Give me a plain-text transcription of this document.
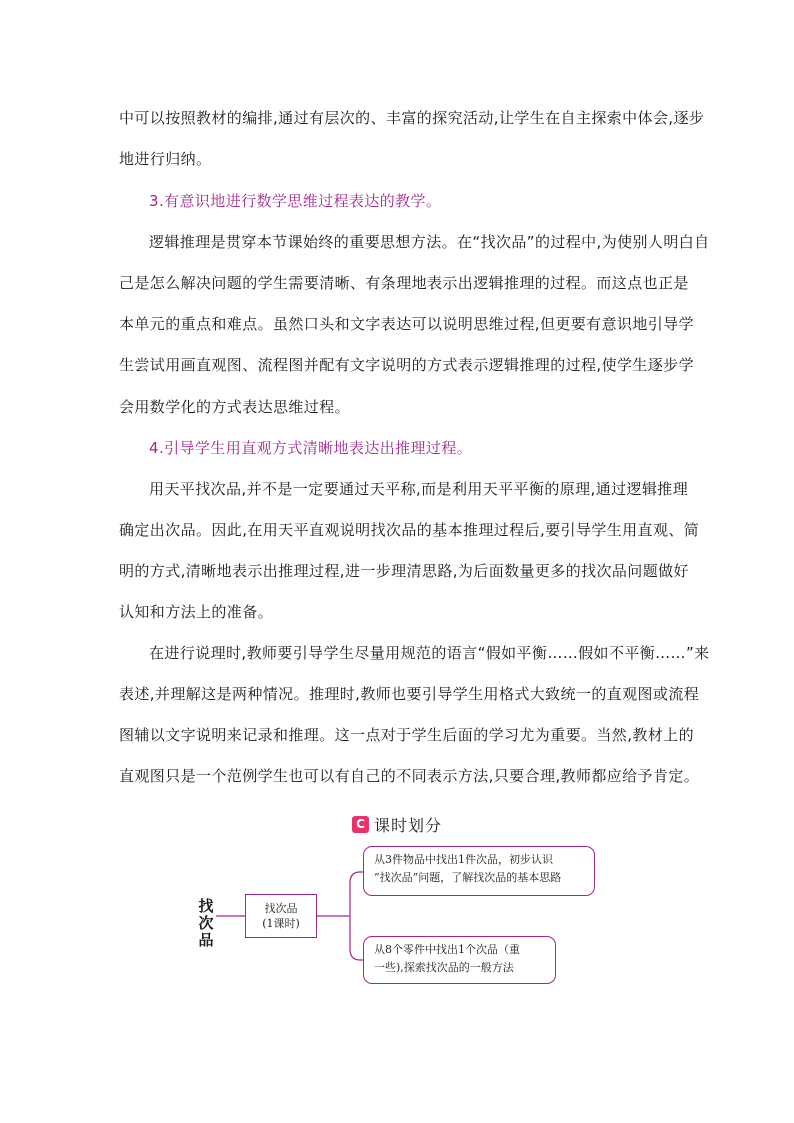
中可以按照教材的编排,通过有层次的、丰富的探究活动,让学生在自主探索中体会,逐步
地进行归纳。
3.有意识地进行数学思维过程表达的教学。
逻辑推理是贯穿本节课始终的重要思想方法。在“找次品”的过程中,为使别人明白自
己是怎么解决问题的学生需要清晰、有条理地表示出逻辑推理的过程。而这点也正是
本单元的重点和难点。虽然口头和文字表达可以说明思维过程,但更要有意识地引导学
生尝试用画直观图、流程图并配有文字说明的方式表示逻辑推理的过程,使学生逐步学
会用数学化的方式表达思维过程。
4.引导学生用直观方式清晰地表达出推理过程。
用天平找次品,并不是一定要通过天平称,而是利用天平平衡的原理,通过逻辑推理
确定出次品。因此,在用天平直观说明找次品的基本推理过程后,要引导学生用直观、简
明的方式,清晰地表示出推理过程,进一步理清思路,为后面数量更多的找次品问题做好
认知和方法上的准备。
在进行说理时,教师要引导学生尽量用规范的语言“假如平衡……假如不平衡……”来
表述,并理解这是两种情况。推理时,教师也要引导学生用格式大致统一的直观图或流程
图辅以文字说明来记录和推理。这一点对于学生后面的学习尤为重要。当然,教材上的
直观图只是一个范例学生也可以有自己的不同表示方法,只要合理,教师都应给予肯定。
C 课时划分
找
次
品
找次品
(1课时)
从3件物品中找出1件次品，初步认识
“找次品”问题，了解找次品的基本思路
从8个零件中找出1个次品（重
一些),探索找次品的一般方法
